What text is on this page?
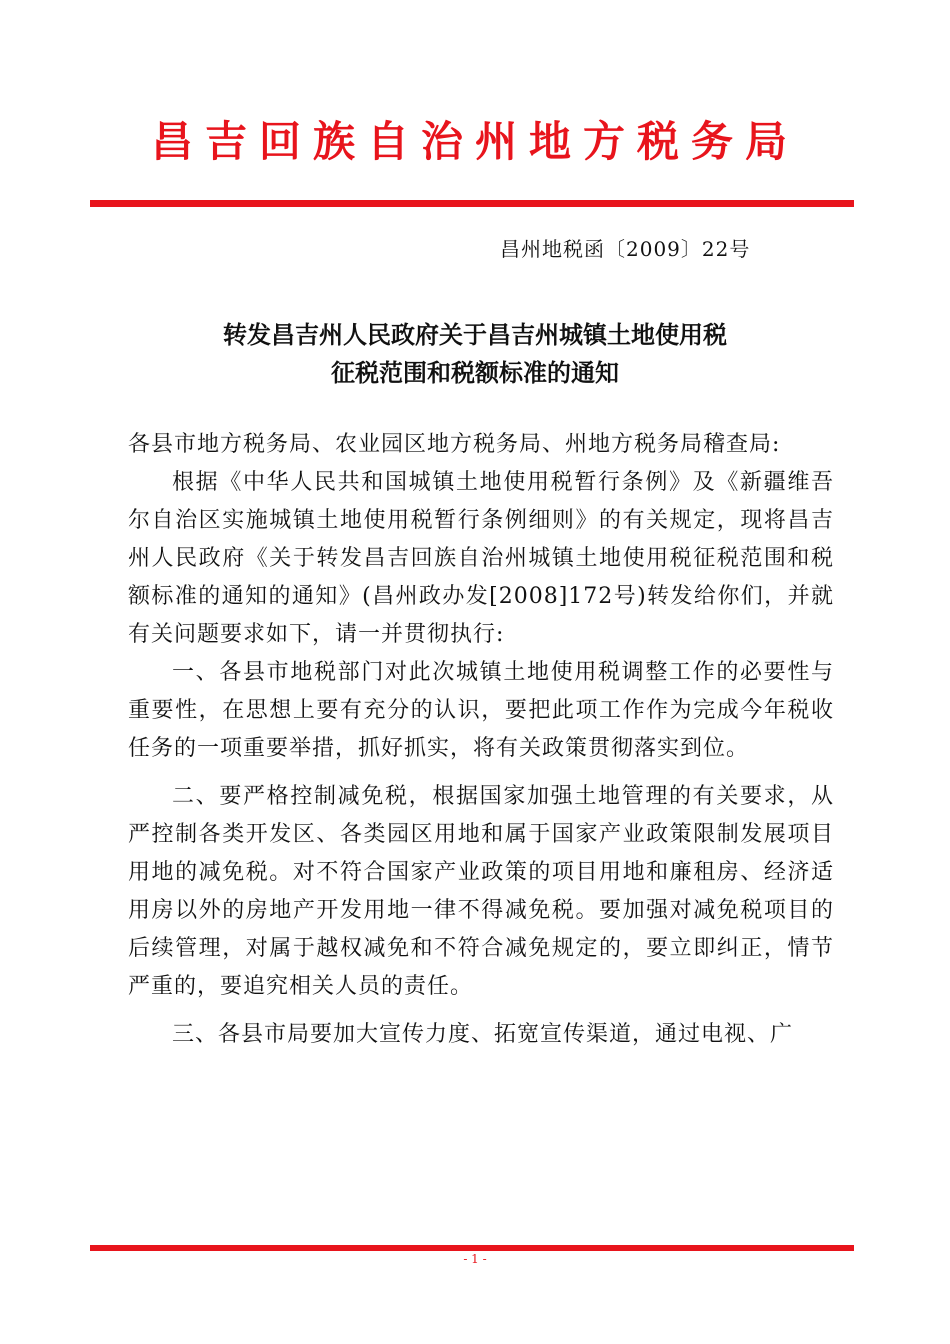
昌吉回族自治州地方税务局
昌州地税函〔2009〕22号
转发昌吉州人民政府关于昌吉州城镇土地使用税
征税范围和税额标准的通知

各县市地方税务局、农业园区地方税务局、州地方税务局稽查局:

根据《中华人民共和国城镇土地使用税暂行条例》及《新疆维吾尔自治区实施城镇土地使用税暂行条例细则》的有关规定，现将昌吉州人民政府《关于转发昌吉回族自治州城镇土地使用税征税范围和税额标准的通知的通知》(昌州政办发[2008]172号)转发给你们，并就有关问题要求如下，请一并贯彻执行:

一、各县市地税部门对此次城镇土地使用税调整工作的必要性与重要性，在思想上要有充分的认识，要把此项工作作为完成今年税收任务的一项重要举措，抓好抓实，将有关政策贯彻落实到位。

二、要严格控制减免税，根据国家加强土地管理的有关要求，从严控制各类开发区、各类园区用地和属于国家产业政策限制发展项目用地的减免税。对不符合国家产业政策的项目用地和廉租房、经济适用房以外的房地产开发用地一律不得减免税。要加强对减免税项目的后续管理，对属于越权减免和不符合减免规定的，要立即纠正，情节严重的，要追究相关人员的责任。

三、各县市局要加大宣传力度、拓宽宣传渠道，通过电视、广

- 1 -
